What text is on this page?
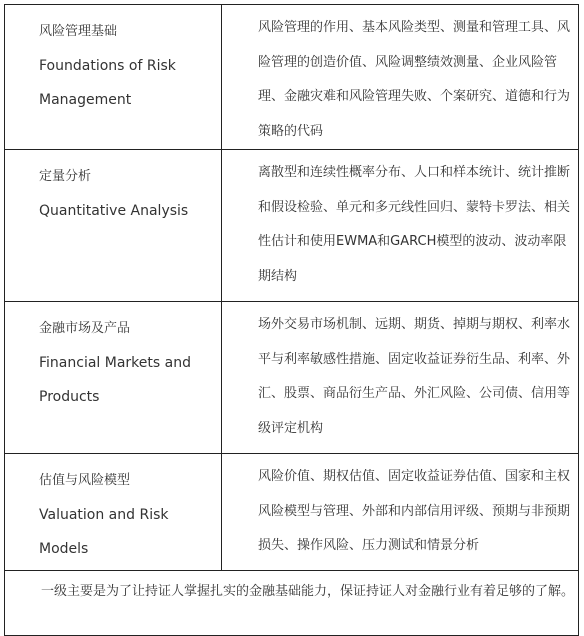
风险管理基础
Foundations of Risk Management	风险管理的作用、基本风险类型、测量和管理工具、风险管理的创造价值、风险调整绩效测量、企业风险管理、金融灾难和风险管理失败、个案研究、道德和行为策略的代码

定量分析
Quantitative Analysis	离散型和连续性概率分布、人口和样本统计、统计推断和假设检验、单元和多元线性回归、蒙特卡罗法、相关性估计和使用EWMA和GARCH模型的波动、波动率限期结构

金融市场及产品
Financial Markets and Products	场外交易市场机制、远期、期货、掉期与期权、利率水平与利率敏感性措施、固定收益证券衍生品、利率、外汇、股票、商品衍生产品、外汇风险、公司债、信用等级评定机构

估值与风险模型
Valuation and Risk Models	风险价值、期权估值、固定收益证券估值、国家和主权风险模型与管理、外部和内部信用评级、预期与非预期损失、操作风险、压力测试和情景分析
一级主要是为了让持证人掌握扎实的金融基础能力，保证持证人对金融行业有着足够的了解。	
